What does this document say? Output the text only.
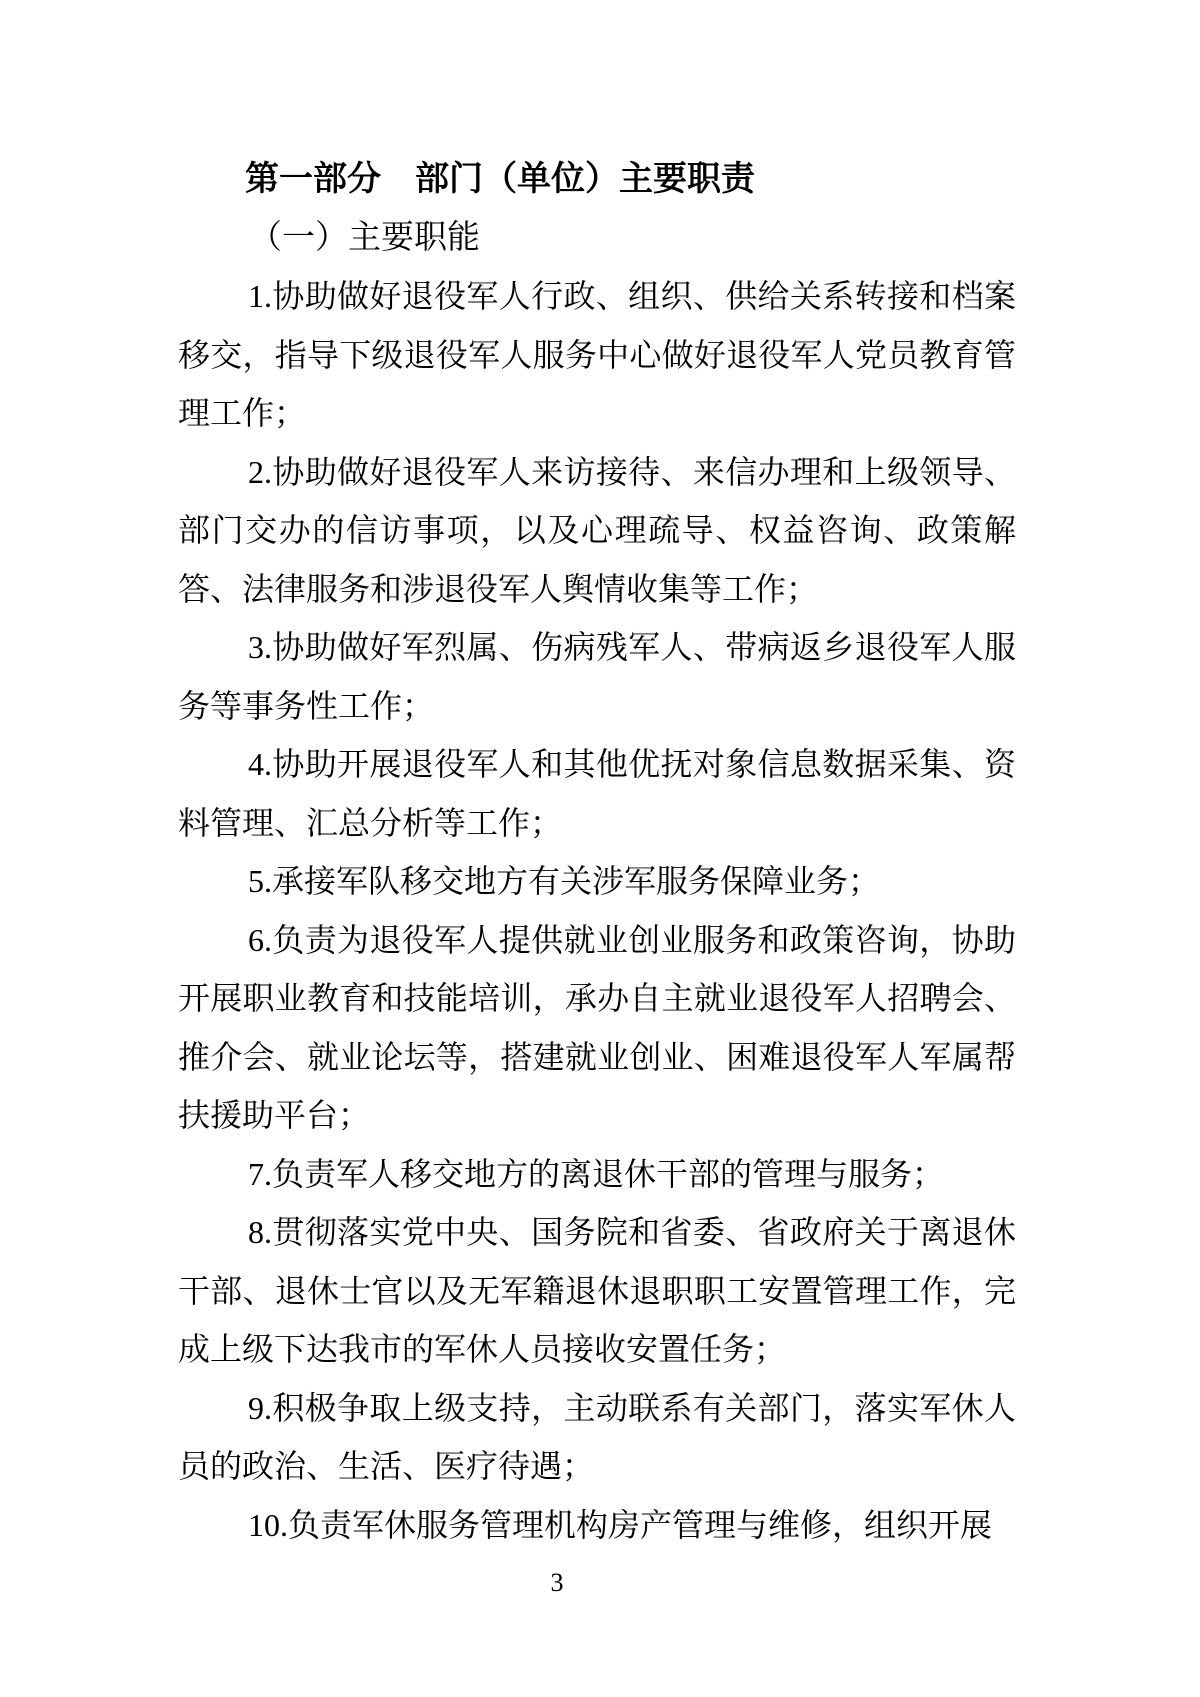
第一部分　部门（单位）主要职责
（一）主要职能

1.协助做好退役军人行政、组织、供给关系转接和档案移交，指导下级退役军人服务中心做好退役军人党员教育管理工作；

2.协助做好退役军人来访接待、来信办理和上级领导、部门交办的信访事项，以及心理疏导、权益咨询、政策解答、法律服务和涉退役军人舆情收集等工作；

3.协助做好军烈属、伤病残军人、带病返乡退役军人服务等事务性工作；

4.协助开展退役军人和其他优抚对象信息数据采集、资料管理、汇总分析等工作；

5.承接军队移交地方有关涉军服务保障业务；

6.负责为退役军人提供就业创业服务和政策咨询，协助开展职业教育和技能培训，承办自主就业退役军人招聘会、推介会、就业论坛等，搭建就业创业、困难退役军人军属帮扶援助平台；

7.负责军人移交地方的离退休干部的管理与服务；

8.贯彻落实党中央、国务院和省委、省政府关于离退休干部、退休士官以及无军籍退休退职职工安置管理工作，完成上级下达我市的军休人员接收安置任务；

9.积极争取上级支持，主动联系有关部门，落实军休人员的政治、生活、医疗待遇；

10.负责军休服务管理机构房产管理与维修，组织开展

3
